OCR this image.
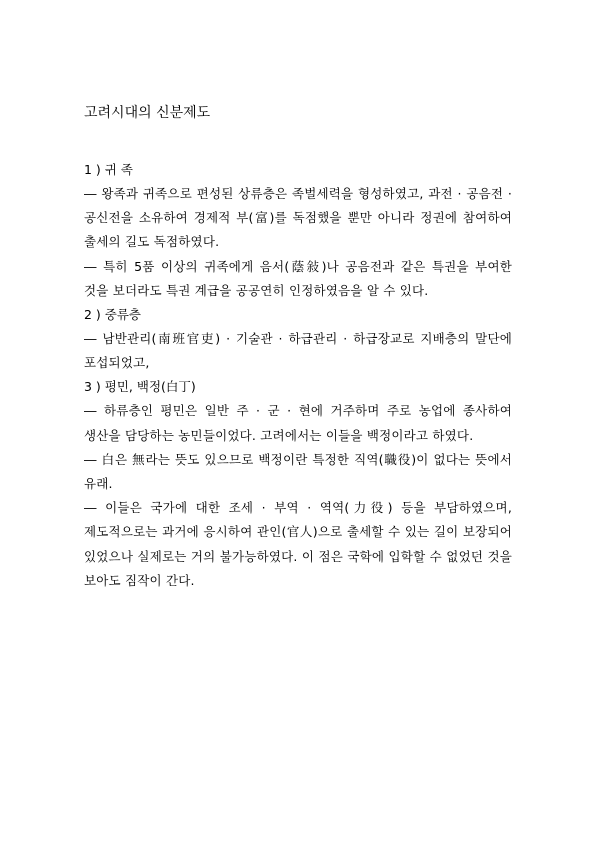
고려시대의 신분제도
1 ) 귀 족
― 왕족과 귀족으로 편성된 상류층은 족벌세력을 형성하였고, 과전 · 공음전 · 공신전을 소유하여 경제적 부(富)를 독점했을 뿐만 아니라 정권에 참여하여 출세의 길도 독점하였다.
― 특히 5품 이상의 귀족에게 음서(蔭敍)나 공음전과 같은 특권을 부여한 것을 보더라도 특권 계급을 공공연히 인정하였음을 알 수 있다.
2 ) 중류층
― 남반관리(南班官吏) · 기술관 · 하급관리 · 하급장교로 지배층의 말단에 포섭되었고,
3 ) 평민, 백정(白丁)
― 하류층인 평민은 일반 주 · 군 · 현에 거주하며 주로 농업에 종사하여 생산을 담당하는 농민들이었다. 고려에서는 이들을 백정이라고 하였다.
― 白은 無라는 뜻도 있으므로 백정이란 특정한 직역(職役)이 없다는 뜻에서 유래.
― 이들은 국가에 대한 조세 · 부역 · 역역(力役) 등을 부담하였으며,제도적으로는 과거에 응시하여 관인(官人)으로 출세할 수 있는 길이 보장되어 있었으나 실제로는 거의 불가능하였다. 이 점은 국학에 입학할 수 없었던 것을 보아도 짐작이 간다.
